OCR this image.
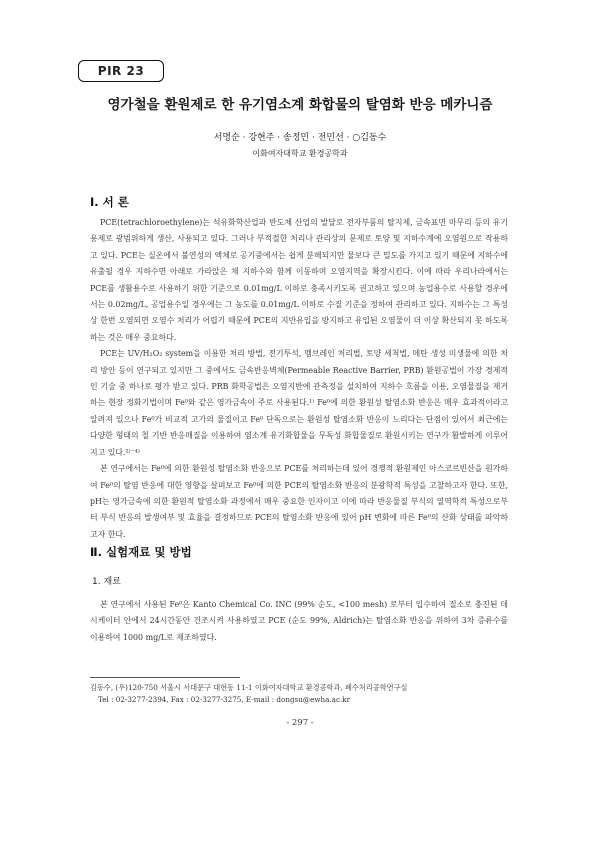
PIR 23
영가철을 환원제로 한 유기염소계 화합물의 탈염화 반응 메카니즘
서명순 · 강현주 · 송정민 · 전민선 · ○김동수
이화여자대학교 환경공학과
Ⅰ. 서 론

PCE(tetrachloroethylene)는 석유화학산업과 반도체 산업의 발달로 전자부품의 탈지제, 금속표면 마무리 등의 유기용제로 광범위하게 생산, 사용되고 있다. 그러나 부적절한 처리나 관리상의 문제로 토양 및 지하수계에 오염원으로 작용하고 있다. PCE는 실온에서 불연성의 액체로 공기중에서는 쉽게 분해되지만 물보다 큰 밀도를 가지고 있기 때문에 지하수에 유출될 경우 지하수면 아래로 가라앉은 채 지하수와 함께 이동하며 오염지역을 확장시킨다. 이에 따라 우리나라에서는 PCE를 생활용수로 사용하기 위한 기준으로 0.01mg/L 이하로 충족시키도록 권고하고 있으며 농업용수로 사용할 경우에서는 0.02mg/L, 공업용수일 경우에는 그 농도를 0.01mg/L 이하로 수질 기준을 정하여 관리하고 있다. 지하수는 그 특성상 한번 오염되면 오염수 처리가 어렵기 때문에 PCE의 지반유입을 방지하고 유입된 오염물이 더 이상 확산되지 못 하도록 하는 것은 매우 중요하다.

PCE는 UV/H₂O₂ system을 이용한 처리 방법, 전기투석, 멤브레인 처리법, 토양 세척법, 메탄 생성 미생물에 의한 처리 방안 등이 연구되고 있지만 그 중에서도 금속반응벽체(Permeable Reactive Barrier, PRB) 환원공법이 가장 경제적인 기술 중 하나로 평가 받고 있다. PRB 화학공법은 오염지반에 관측정을 설치하여 지하수 흐름을 이용, 오염물질을 제거하는 현장 정화기법이며 Fe⁰와 같은 영가금속이 주로 사용된다.¹⁾ Fe⁰에 의한 환원성 탈염소화 반응은 매우 효과적이라고 알려져 있으나 Fe⁰가 비교적 고가의 물질이고 Fe⁰ 단독으로는 환원성 탈염소화 반응이 느리다는 단점이 있어서 최근에는 다양한 형태의 철 기반 반응매질을 이용하여 염소계 유기화합물을 무독성 화합물질로 환원시키는 연구가 활발하게 이루어지고 있다.²⁾⁻⁴⁾

본 연구에서는 Fe⁰에 의한 환원성 탈염소화 반응으로 PCE를 처리하는데 있어 경쟁적 환원제인 아스코르빈산을 원가하여 Fe⁰의 탈염 반응에 대한 영향을 살펴보고 Fe⁰에 의한 PCE의 탈염소화 반응의 분광학적 특성을 고찰하고자 한다. 또한, pH는 영가금속에 의한 환원적 탈염소화 과정에서 매우 중요한 인자이고 이에 따라 반응물질 부식의 열역학적 특성으로부터 부식 반응의 발생여부 및 효율을 결정하므로 PCE의 탈염소화 반응에 있어 pH 변화에 따른 Fe⁰의 산화 상태를 파악하고자 한다.

Ⅱ. 실험재료 및 방법
1. 재료

본 연구에서 사용된 Fe⁰은 Kanto Chemical Co. INC (99% 순도, <100 mesh) 로부터 입수하여 질소로 충진된 데시케이터 안에서 24시간동안 건조시켜 사용하였고 PCE (순도 99%, Aldrich)는 탈염소화 반응을 위하여 3차 증류수를 이용하여 1000 mg/L로 제조하였다.

김동수, (우)120-750 서울시 서대문구 대현동 11-1 이화여자대학교 환경공학과, 폐수처리공학연구실
Tel : 02-3277-2394, Fax : 02-3277-3275, E-mail : dongsu@ewha.ac.kr
- 297 -
